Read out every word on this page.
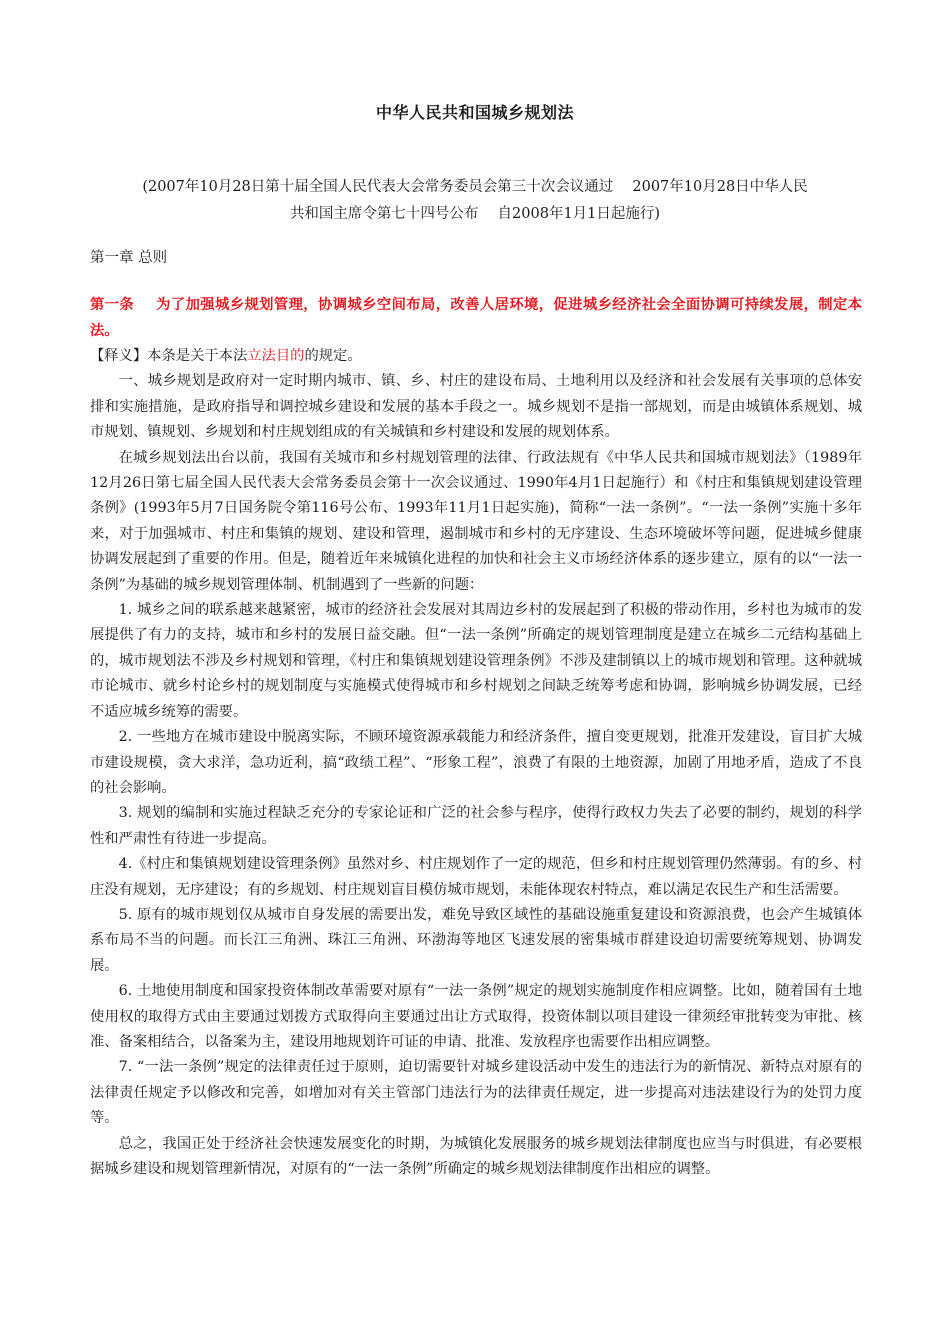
中华人民共和国城乡规划法
(2007年10月28日第十届全国人民代表大会常务委员会第三十次会议通过　 2007年10月28日中华人民
共和国主席令第七十四号公布　 自2008年1月1日起施行)
第一章 总则

第一条 为了加强城乡规划管理，协调城乡空间布局，改善人居环境，促进城乡经济社会全面协调可持续发展，制定本法。

【释义】本条是关于本法立法目的的规定。

一、城乡规划是政府对一定时期内城市、镇、乡、村庄的建设布局、土地利用以及经济和社会发展有关事项的总体安排和实施措施，是政府指导和调控城乡建设和发展的基本手段之一。城乡规划不是指一部规划，而是由城镇体系规划、城市规划、镇规划、乡规划和村庄规划组成的有关城镇和乡村建设和发展的规划体系。

在城乡规划法出台以前，我国有关城市和乡村规划管理的法律、行政法规有《中华人民共和国城市规划法》（1989年12月26日第七届全国人民代表大会常务委员会第十一次会议通过、1990年4月1日起施行）和《村庄和集镇规划建设管理条例》(1993年5月7日国务院令第116号公布、1993年11月1日起实施)，简称“一法一条例”。“一法一条例”实施十多年来，对于加强城市、村庄和集镇的规划、建设和管理，遏制城市和乡村的无序建设、生态环境破坏等问题，促进城乡健康协调发展起到了重要的作用。但是，随着近年来城镇化进程的加快和社会主义市场经济体系的逐步建立，原有的以“一法一条例”为基础的城乡规划管理体制、机制遇到了一些新的问题：

1. 城乡之间的联系越来越紧密，城市的经济社会发展对其周边乡村的发展起到了积极的带动作用，乡村也为城市的发展提供了有力的支持，城市和乡村的发展日益交融。但“一法一条例”所确定的规划管理制度是建立在城乡二元结构基础上的，城市规划法不涉及乡村规划和管理，《村庄和集镇规划建设管理条例》不涉及建制镇以上的城市规划和管理。这种就城市论城市、就乡村论乡村的规划制度与实施模式使得城市和乡村规划之间缺乏统筹考虑和协调，影响城乡协调发展，已经不适应城乡统筹的需要。

2. 一些地方在城市建设中脱离实际，不顾环境资源承载能力和经济条件，擅自变更规划，批准开发建设，盲目扩大城市建设规模，贪大求洋，急功近利，搞“政绩工程”、“形象工程”，浪费了有限的土地资源，加剧了用地矛盾，造成了不良的社会影响。

3. 规划的编制和实施过程缺乏充分的专家论证和广泛的社会参与程序，使得行政权力失去了必要的制约，规划的科学性和严肃性有待进一步提高。

4.《村庄和集镇规划建设管理条例》虽然对乡、村庄规划作了一定的规范，但乡和村庄规划管理仍然薄弱。有的乡、村庄没有规划，无序建设；有的乡规划、村庄规划盲目模仿城市规划，未能体现农村特点，难以满足农民生产和生活需要。

5. 原有的城市规划仅从城市自身发展的需要出发，难免导致区域性的基础设施重复建设和资源浪费，也会产生城镇体系布局不当的问题。而长江三角洲、珠江三角洲、环渤海等地区飞速发展的密集城市群建设迫切需要统筹规划、协调发展。

6. 土地使用制度和国家投资体制改革需要对原有“一法一条例”规定的规划实施制度作相应调整。比如，随着国有土地使用权的取得方式由主要通过划拨方式取得向主要通过出让方式取得，投资体制以项目建设一律须经审批转变为审批、核准、备案相结合，以备案为主，建设用地规划许可证的申请、批准、发放程序也需要作出相应调整。

7. “一法一条例”规定的法律责任过于原则，迫切需要针对城乡建设活动中发生的违法行为的新情况、新特点对原有的法律责任规定予以修改和完善，如增加对有关主管部门违法行为的法律责任规定，进一步提高对违法建设行为的处罚力度等。

总之，我国正处于经济社会快速发展变化的时期，为城镇化发展服务的城乡规划法律制度也应当与时俱进，有必要根据城乡建设和规划管理新情况，对原有的“一法一条例”所确定的城乡规划法律制度作出相应的调整。
